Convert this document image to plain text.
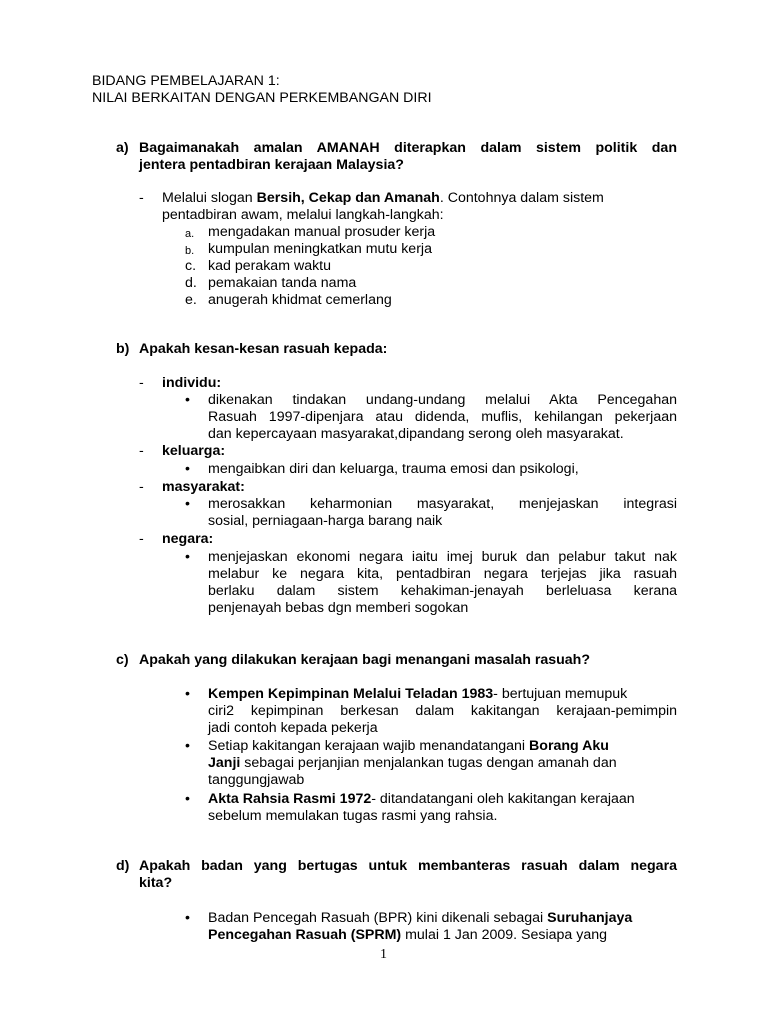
BIDANG PEMBELAJARAN 1:
NILAI BERKAITAN DENGAN PERKEMBANGAN DIRI
a) Bagaimanakah amalan AMANAH diterapkan dalam sistem politik dan
jentera pentadbiran kerajaan Malaysia?
- Melalui slogan Bersih, Cekap dan Amanah. Contohnya dalam sistem
pentadbiran awam, melalui langkah-langkah:
a. mengadakan manual prosuder kerja
b. kumpulan meningkatkan mutu kerja
c. kad perakam waktu
d. pemakaian tanda nama
e. anugerah khidmat cemerlang
b) Apakah kesan-kesan rasuah kepada:
- individu:
• dikenakan tindakan undang-undang melalui Akta Pencegahan
Rasuah 1997-dipenjara atau didenda, muflis, kehilangan pekerjaan
dan kepercayaan masyarakat,dipandang serong oleh masyarakat.
- keluarga:
• mengaibkan diri dan keluarga, trauma emosi dan psikologi,
- masyarakat:
• merosakkan keharmonian masyarakat, menjejaskan integrasi
sosial, perniagaan-harga barang naik
- negara:
• menjejaskan ekonomi negara iaitu imej buruk dan pelabur takut nak
melabur ke negara kita, pentadbiran negara terjejas jika rasuah
berlaku dalam sistem kehakiman-jenayah berleluasa kerana
penjenayah bebas dgn memberi sogokan
c) Apakah yang dilakukan kerajaan bagi menangani masalah rasuah?
• Kempen Kepimpinan Melalui Teladan 1983- bertujuan memupuk
ciri2 kepimpinan berkesan dalam kakitangan kerajaan-pemimpin
jadi contoh kepada pekerja
• Setiap kakitangan kerajaan wajib menandatangani Borang Aku
Janji sebagai perjanjian menjalankan tugas dengan amanah dan
tanggungjawab
• Akta Rahsia Rasmi 1972- ditandatangani oleh kakitangan kerajaan
sebelum memulakan tugas rasmi yang rahsia.
d) Apakah badan yang bertugas untuk membanteras rasuah dalam negara
kita?
• Badan Pencegah Rasuah (BPR) kini dikenali sebagai Suruhanjaya
Pencegahan Rasuah (SPRM) mulai 1 Jan 2009. Sesiapa yang
1
